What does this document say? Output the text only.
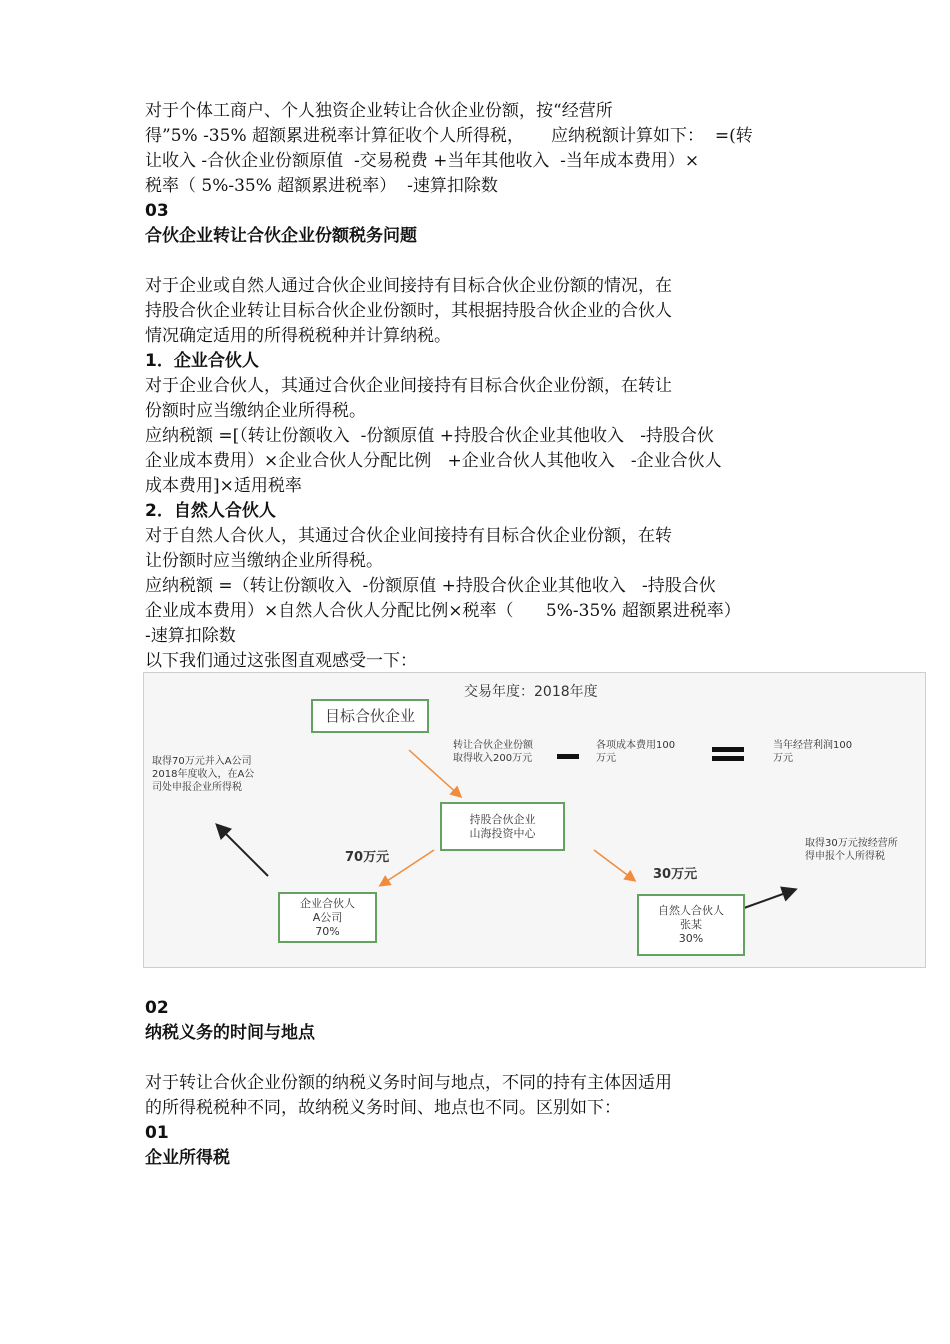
对于个体工商户、个人独资企业转让合伙企业份额，按“经营所
得”5% -35% 超额累进税率计算征收个人所得税，     应纳税额计算如下：  =(转
让收入 -合伙企业份额原值  -交易税费 +当年其他收入  -当年成本费用）×
税率（ 5%-35% 超额累进税率）  -速算扣除数
03
合伙企业转让合伙企业份额税务问题
对于企业或自然人通过合伙企业间接持有目标合伙企业份额的情况，在
持股合伙企业转让目标合伙企业份额时，其根据持股合伙企业的合伙人
情况确定适用的所得税税种并计算纳税。
1．企业合伙人
对于企业合伙人，其通过合伙企业间接持有目标合伙企业份额，在转让
份额时应当缴纳企业所得税。
应纳税额 =[（转让份额收入  -份额原值 +持股合伙企业其他收入   -持股合伙
企业成本费用）×企业合伙人分配比例   +企业合伙人其他收入   -企业合伙人
成本费用]×适用税率
2．自然人合伙人
对于自然人合伙人，其通过合伙企业间接持有目标合伙企业份额，在转
让份额时应当缴纳企业所得税。
应纳税额 =（转让份额收入  -份额原值 +持股合伙企业其他收入   -持股合伙
企业成本费用）×自然人合伙人分配比例×税率（      5%-35% 超额累进税率）
-速算扣除数
以下我们通过这张图直观感受一下：
交易年度：2018年度
目标合伙企业
转让合伙企业份额
取得收入200万元
各项成本费用100
万元
当年经营利润100
万元
取得70万元并入A公司
2018年度收入，在A公
司处申报企业所得税
持股合伙企业
山海投资中心
70万元
30万元
取得30万元按经营所
得申报个人所得税
企业合伙人
A公司
70%
自然人合伙人
张某
30%
02
纳税义务的时间与地点
对于转让合伙企业份额的纳税义务时间与地点，不同的持有主体因适用
的所得税税种不同，故纳税义务时间、地点也不同。区别如下：
01
企业所得税
